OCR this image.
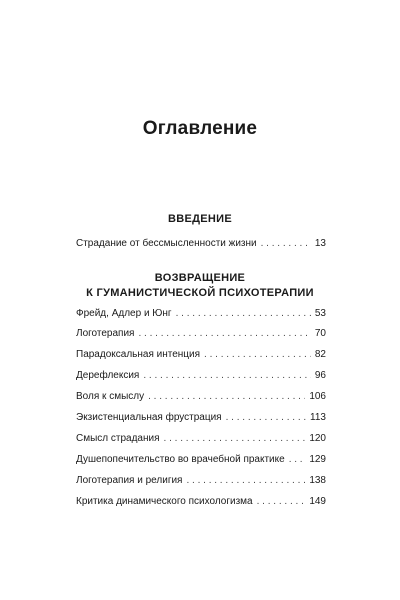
Оглавление
ВВЕДЕНИЕ
Страдание от бессмысленности жизни . . .	13
ВОЗВРАЩЕНИЕ
К ГУМАНИСТИЧЕСКОЙ ПСИХОТЕРАПИИ
Фрейд, Адлер и Юнг . . .	53
Логотерапия . . .	70
Парадоксальная интенция . . .	82
Дерефлексия . . .	96
Воля к смыслу . . .	106
Экзистенциальная фрустрация . . .	113
Смысл страдания . . .	120
Душепопечительство во врачебной практике . . . 129
Логотерапия и религия . . .	138
Критика динамического психологизма . . .	149
